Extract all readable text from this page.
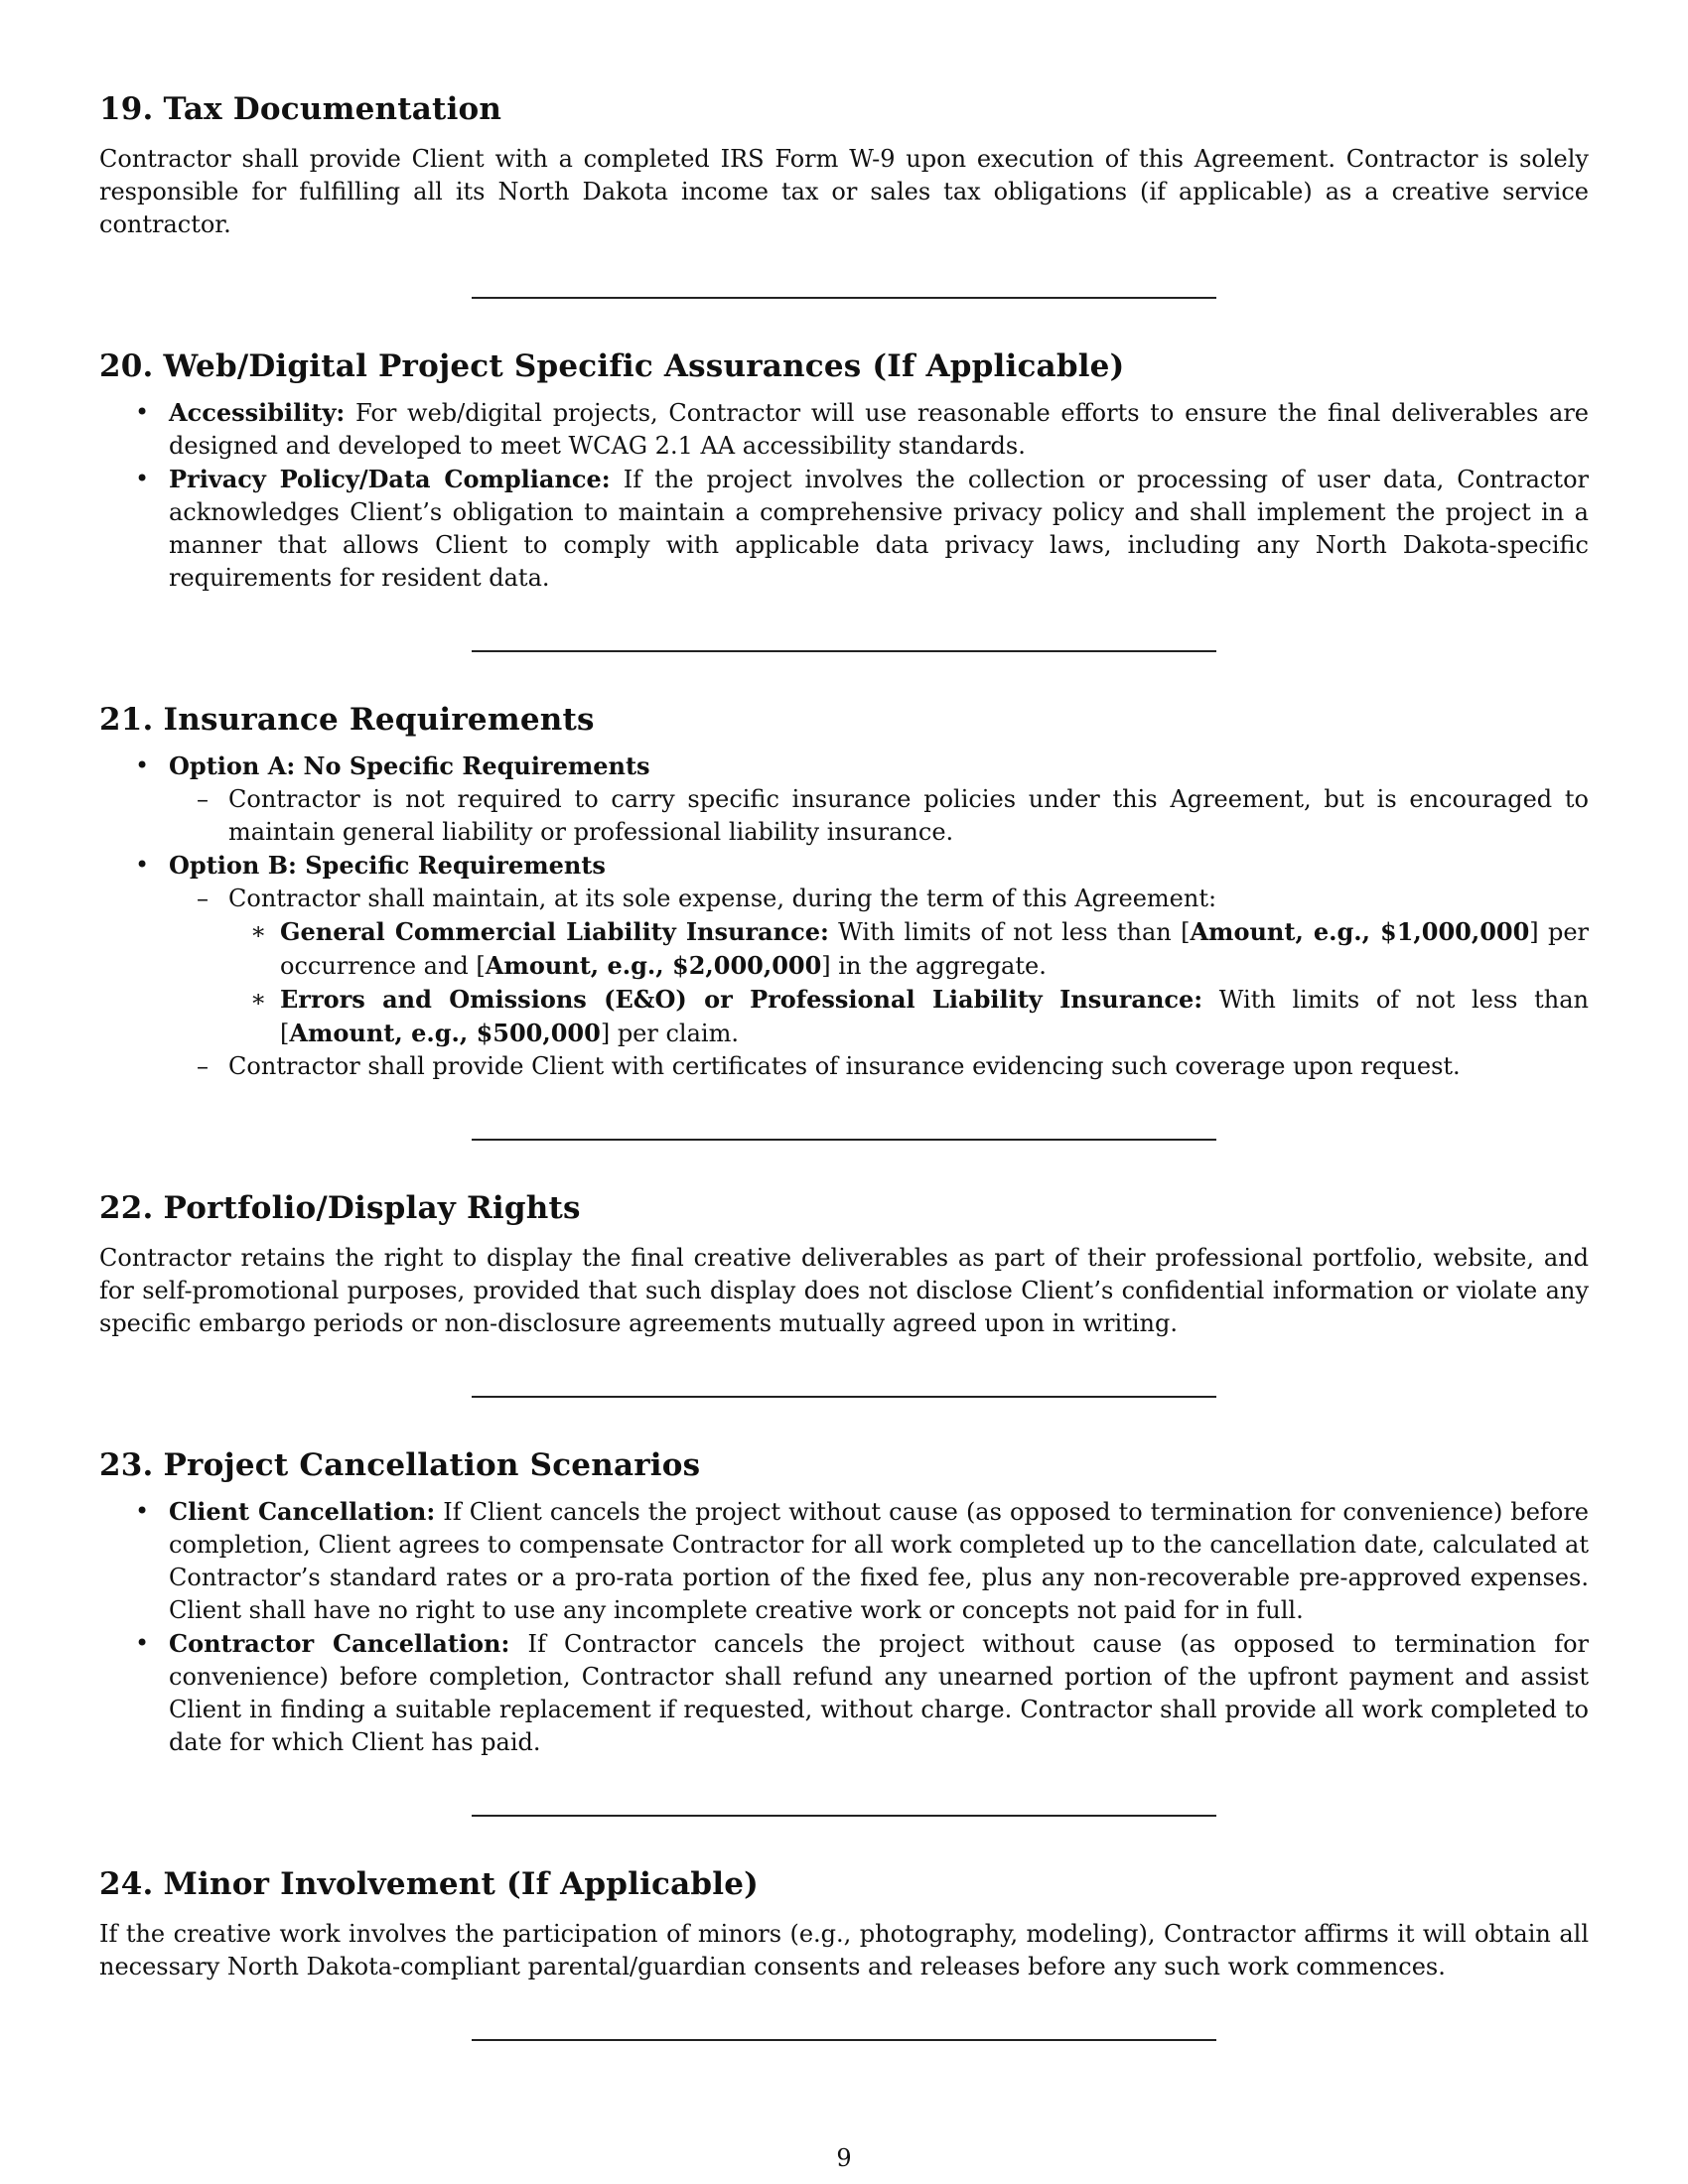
19. Tax Documentation

Contractor shall provide Client with a completed IRS Form W-9 upon execution of this Agreement. Contractor is solely responsible for fulfilling all its North Dakota income tax or sales tax obligations (if applicable) as a creative service contractor.

20. Web/Digital Project Specific Assurances (If Applicable)
• Accessibility: For web/digital projects, Contractor will use reasonable efforts to ensure the final deliverables are designed and developed to meet WCAG 2.1 AA accessibility standards.
• Privacy Policy/Data Compliance: If the project involves the collection or processing of user data, Contractor acknowledges Client’s obligation to maintain a comprehensive privacy policy and shall implement the project in a manner that allows Client to comply with applicable data privacy laws, including any North Dakota-specific requirements for resident data.
21. Insurance Requirements
• Option A: No Specific Requirements
– Contractor is not required to carry specific insurance policies under this Agreement, but is encouraged to maintain general liability or professional liability insurance.
• Option B: Specific Requirements
– Contractor shall maintain, at its sole expense, during the term of this Agreement:
∗ General Commercial Liability Insurance: With limits of not less than [Amount, e.g., $1,000,000] per occurrence and [Amount, e.g., $2,000,000] in the aggregate.
∗ Errors and Omissions (E&O) or Professional Liability Insurance: With limits of not less than [Amount, e.g., $500,000] per claim.
– Contractor shall provide Client with certificates of insurance evidencing such coverage upon request.
22. Portfolio/Display Rights

Contractor retains the right to display the final creative deliverables as part of their professional portfolio, website, and for self-promotional purposes, provided that such display does not disclose Client’s confidential information or violate any specific embargo periods or non-disclosure agreements mutually agreed upon in writing.

23. Project Cancellation Scenarios
• Client Cancellation: If Client cancels the project without cause (as opposed to termination for convenience) before completion, Client agrees to compensate Contractor for all work completed up to the cancellation date, calculated at Contractor’s standard rates or a pro-rata portion of the fixed fee, plus any non-recoverable pre-approved expenses. Client shall have no right to use any incomplete creative work or concepts not paid for in full.
• Contractor Cancellation: If Contractor cancels the project without cause (as opposed to termination for convenience) before completion, Contractor shall refund any unearned portion of the upfront payment and assist Client in finding a suitable replacement if requested, without charge. Contractor shall provide all work completed to date for which Client has paid.
24. Minor Involvement (If Applicable)

If the creative work involves the participation of minors (e.g., photography, modeling), Contractor affirms it will obtain all necessary North Dakota-compliant parental/guardian consents and releases before any such work commences.

9
